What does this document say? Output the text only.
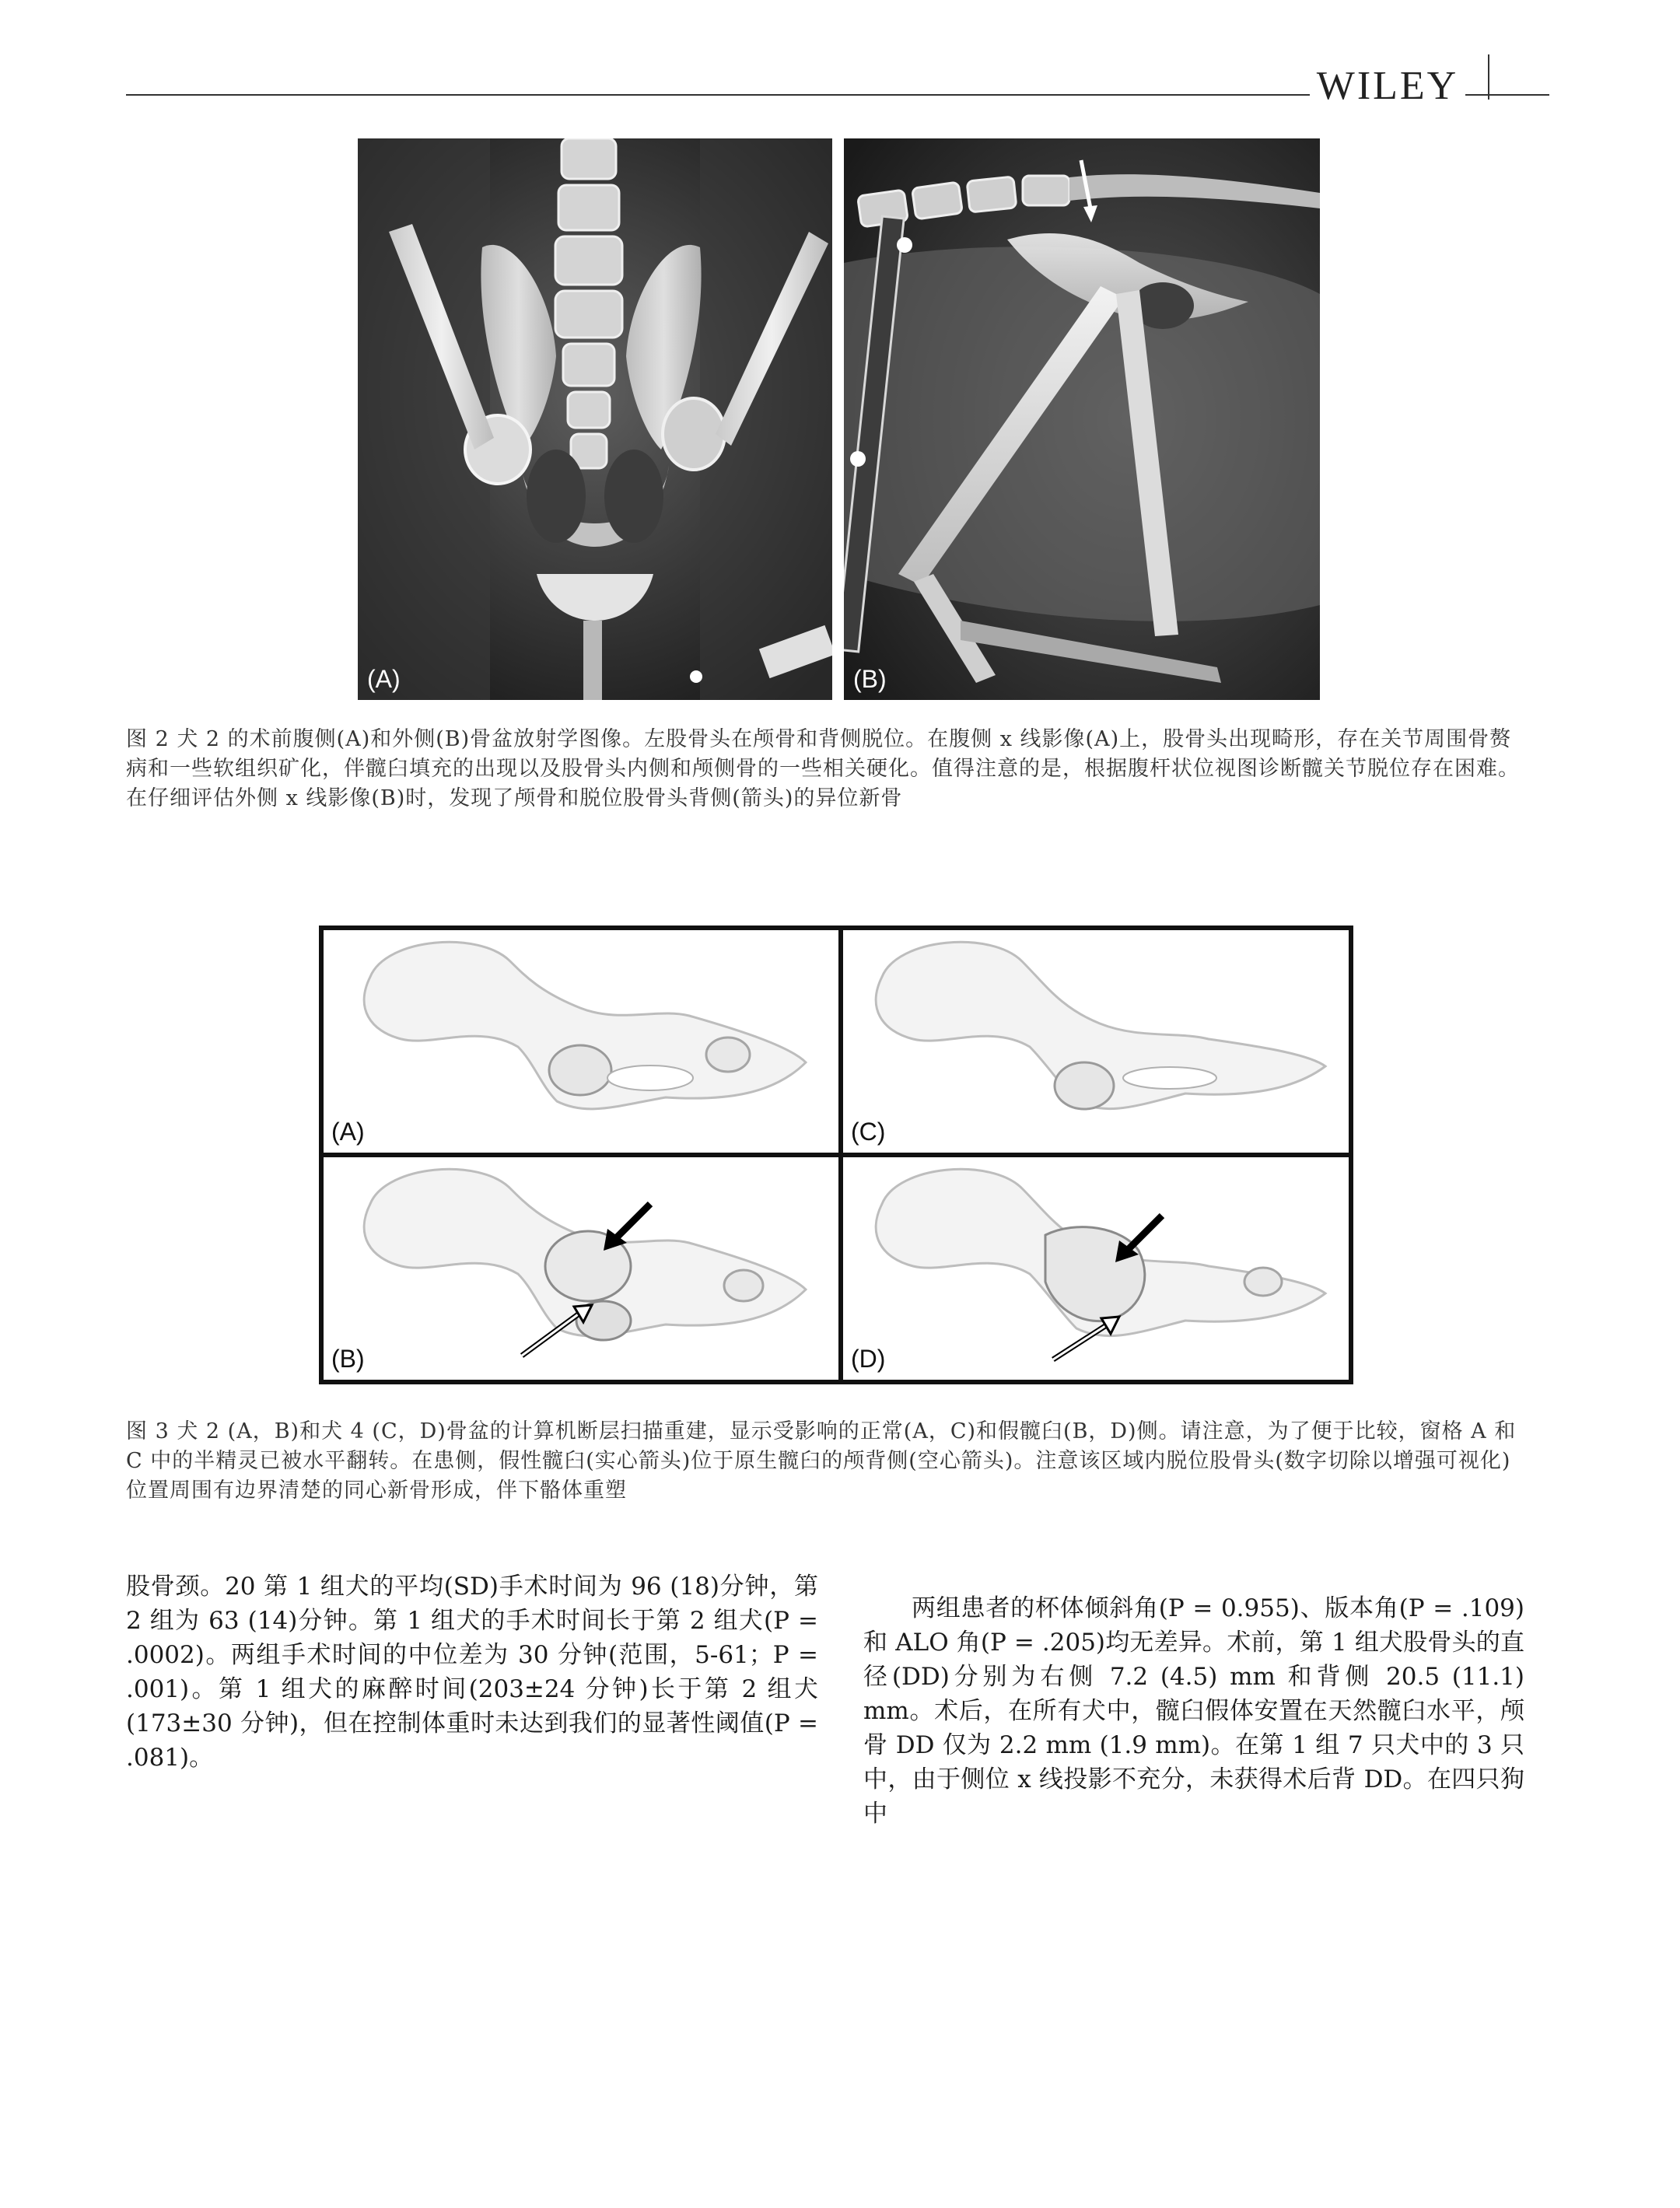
WILEY
(A)	(B)

图 2 犬 2 的术前腹侧(A)和外侧(B)骨盆放射学图像。左股骨头在颅骨和背侧脱位。在腹侧 x 线影像(A)上，股骨头出现畸形，存在关节周围骨赘病和一些软组织矿化，伴髋臼填充的出现以及股骨头内侧和颅侧骨的一些相关硬化。值得注意的是，根据腹杆状位视图诊断髋关节脱位存在困难。在仔细评估外侧 x 线影像(B)时，发现了颅骨和脱位股骨头背侧(箭头)的异位新骨

(A)	(C)
(B)	(D)

图 3 犬 2 (A，B)和犬 4 (C，D)骨盆的计算机断层扫描重建，显示受影响的正常(A，C)和假髋臼(B，D)侧。请注意，为了便于比较，窗格 A 和 C 中的半精灵已被水平翻转。在患侧，假性髋臼(实心箭头)位于原生髋臼的颅背侧(空心箭头)。注意该区域内脱位股骨头(数字切除以增强可视化)位置周围有边界清楚的同心新骨形成，伴下骼体重塑

股骨颈。20 第 1 组犬的平均(SD)手术时间为 96 (18)分钟，第 2 组为 63 (14)分钟。第 1 组犬的手术时间长于第 2 组犬(P = .0002)。两组手术时间的中位差为 30 分钟(范围，5-61；P = .001)。第 1 组犬的麻醉时间(203±24 分钟)长于第 2 组犬(173±30 分钟)，但在控制体重时未达到我们的显著性阈值(P = .081)。

两组患者的杯体倾斜角(P = 0.955)、版本角(P = .109)和 ALO 角(P = .205)均无差异。术前，第 1 组犬股骨头的直径(DD)分别为右侧 7.2 (4.5) mm 和背侧 20.5 (11.1) mm。术后，在所有犬中，髋臼假体安置在天然髋臼水平，颅骨 DD 仅为 2.2 mm (1.9 mm)。在第 1 组 7 只犬中的 3 只中，由于侧位 x 线投影不充分，未获得术后背 DD。在四只狗中
